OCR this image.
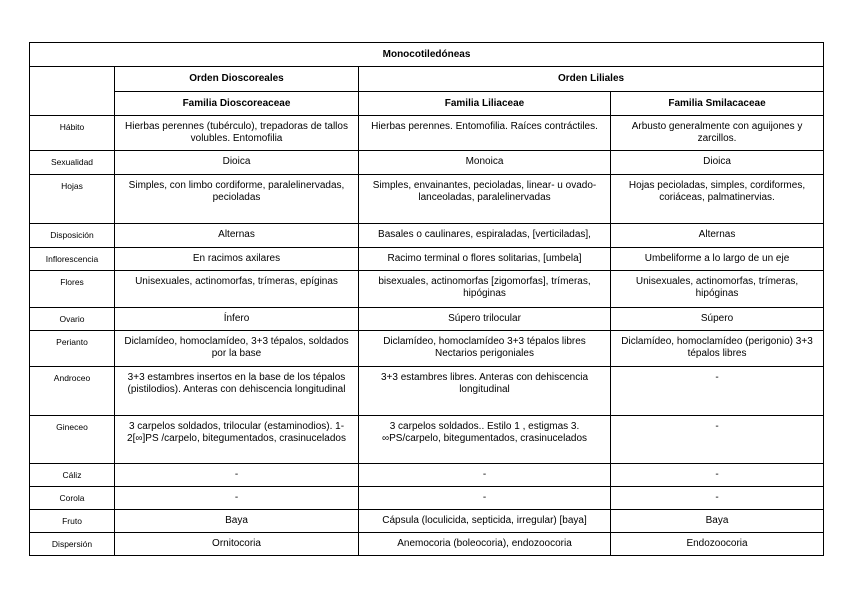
Monocotiledóneas			
	Orden Dioscoreales	Orden Liliales	
	Familia Dioscoreaceae	Familia Liliaceae	Familia Smilacaceae
Hábito	Hierbas perennes (tubérculo), trepadoras de tallos volubles. Entomofilia	Hierbas perennes. Entomofilia. Raíces contráctiles.	Arbusto generalmente con aguijones y zarcillos.
Sexualidad	Dioica	Monoica	Dioica
Hojas	Simples, con limbo cordiforme, paralelinervadas, pecioladas	Simples, envainantes, pecioladas, linear- u ovado-lanceoladas, paralelinervadas	Hojas pecioladas, simples, cordiformes, coriáceas, palmatinervias.
Disposición	Alternas	Basales o caulinares, espiraladas, [verticiladas],	Alternas
Inflorescencia	En racimos axilares	Racimo terminal o flores solitarias, [umbela]	Umbeliforme a lo largo de un eje
Flores	Unisexuales, actinomorfas, trímeras, epíginas	bisexuales, actinomorfas [zigomorfas], trímeras, hipóginas	Unisexuales, actinomorfas, trímeras, hipóginas
Ovario	Ínfero	Súpero trilocular	Súpero
Perianto	Diclamídeo, homoclamídeo, 3+3 tépalos, soldados por la base	Diclamídeo, homoclamídeo 3+3 tépalos libres Nectarios perigoniales	Diclamídeo, homoclamídeo (perigonio) 3+3 tépalos libres
Androceo	3+3 estambres insertos en la base de los tépalos (pistilodios). Anteras con dehiscencia longitudinal	3+3 estambres libres. Anteras con dehiscencia longitudinal	-
Gineceo	3 carpelos soldados, trilocular (estaminodios). 1-2[∞]PS /carpelo, bitegumentados, crasinucelados	3 carpelos soldados.. Estilo 1 , estigmas 3. ∞PS/carpelo, bitegumentados, crasinucelados	-
Cáliz	-	-	-
Corola	-	-	-
Fruto	Baya	Cápsula (loculicida, septicida, irregular) [baya]	Baya
Dispersión	Ornitocoria	Anemocoria (boleocoria), endozoocoria	Endozoocoria
